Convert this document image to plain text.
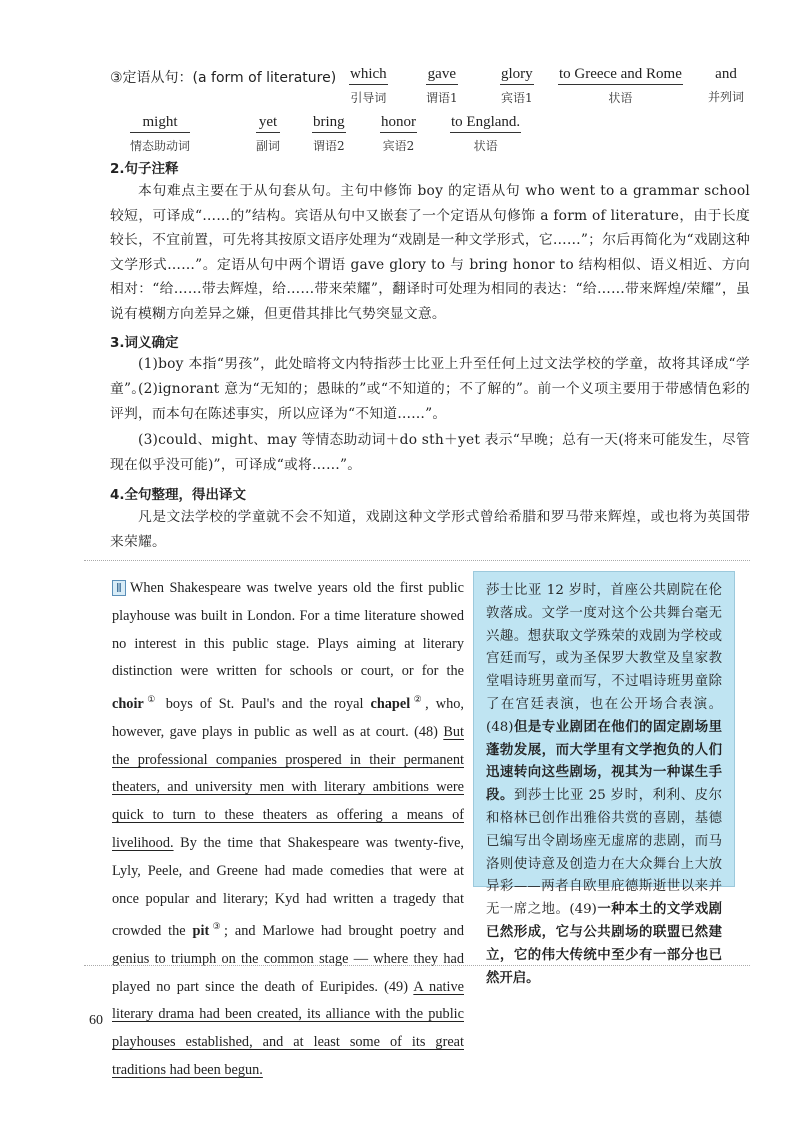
③定语从句：(a form of literature) which
引导词
gave
谓语1
glory
宾语1
to Greece and Rome
状语
and
并列词
might
情态助动词
yet
副词
bring
谓语2
honor
宾语2
to England.
状语
2.句子注释
本句难点主要在于从句套从句。主句中修饰 boy 的定语从句 who went to a grammar school 较短，可译成“……的”结构。宾语从句中又嵌套了一个定语从句修饰 a form of literature，由于长度较长，不宜前置，可先将其按原文语序处理为“戏剧是一种文学形式，它……”；尔后再简化为“戏剧这种文学形式……”。定语从句中两个谓语 gave glory to 与 bring honor to 结构相似、语义相近、方向相对：“给……带去辉煌，给……带来荣耀”，翻译时可处理为相同的表达：“给……带来辉煌/荣耀”，虽说有模糊方向差异之嫌，但更借其排比气势突显文意。
3.词义确定
(1)boy 本指“男孩”，此处暗将文内特指莎士比亚上升至任何上过文法学校的学童，故将其译成“学童”。
(2)ignorant 意为“无知的；愚昧的”或“不知道的；不了解的”。前一个义项主要用于带感情色彩的评判，而本句在陈述事实，所以应译为“不知道……”。
(3)could、might、may 等情态助动词＋do sth＋yet 表示“早晚；总有一天(将来可能发生，尽管现在似乎没可能)”，可译成“或将……”。
4.全句整理，得出译文
凡是文法学校的学童就不会不知道，戏剧这种文学形式曾给希腊和罗马带来辉煌，或也将为英国带来荣耀。
Ⅱ When Shakespeare was twelve years old the first public playhouse was built in London. For a time literature showed no interest in this public stage. Plays aiming at literary distinction were written for schools or court, or for the choir① boys of St. Paul's and the royal chapel②, who, however, gave plays in public as well as at court. (48) But the professional companies prospered in their permanent theaters, and university men with literary ambitions were quick to turn to these theaters as offering a means of livelihood. By the time that Shakespeare was twenty-five, Lyly, Peele, and Greene had made comedies that were at once popular and literary; Kyd had written a tragedy that crowded the pit③; and Marlowe had brought poetry and genius to triumph on the common stage — where they had played no part since the death of Euripides. (49) A native literary drama had been created, its alliance with the public playhouses established, and at least some of its great traditions had been begun.
莎士比亚 12 岁时，首座公共剧院在伦敦落成。文学一度对这个公共舞台毫无兴趣。想获取文学殊荣的戏剧为学校或宫廷而写，或为圣保罗大教堂及皇家教堂唱诗班男童而写，不过唱诗班男童除了在宫廷表演，也在公开场合表演。(48)但是专业剧团在他们的固定剧场里蓬勃发展，而大学里有文学抱负的人们迅速转向这些剧场，视其为一种谋生手段。到莎士比亚 25 岁时，利利、皮尔和格林已创作出雅俗共赏的喜剧，基德已编写出令剧场座无虚席的悲剧，而马洛则使诗意及创造力在大众舞台上大放异彩——两者自欧里庇德斯逝世以来并无一席之地。(49)一种本土的文学戏剧已然形成，它与公共剧场的联盟已然建立，它的伟大传统中至少有一部分也已然开启。
60
